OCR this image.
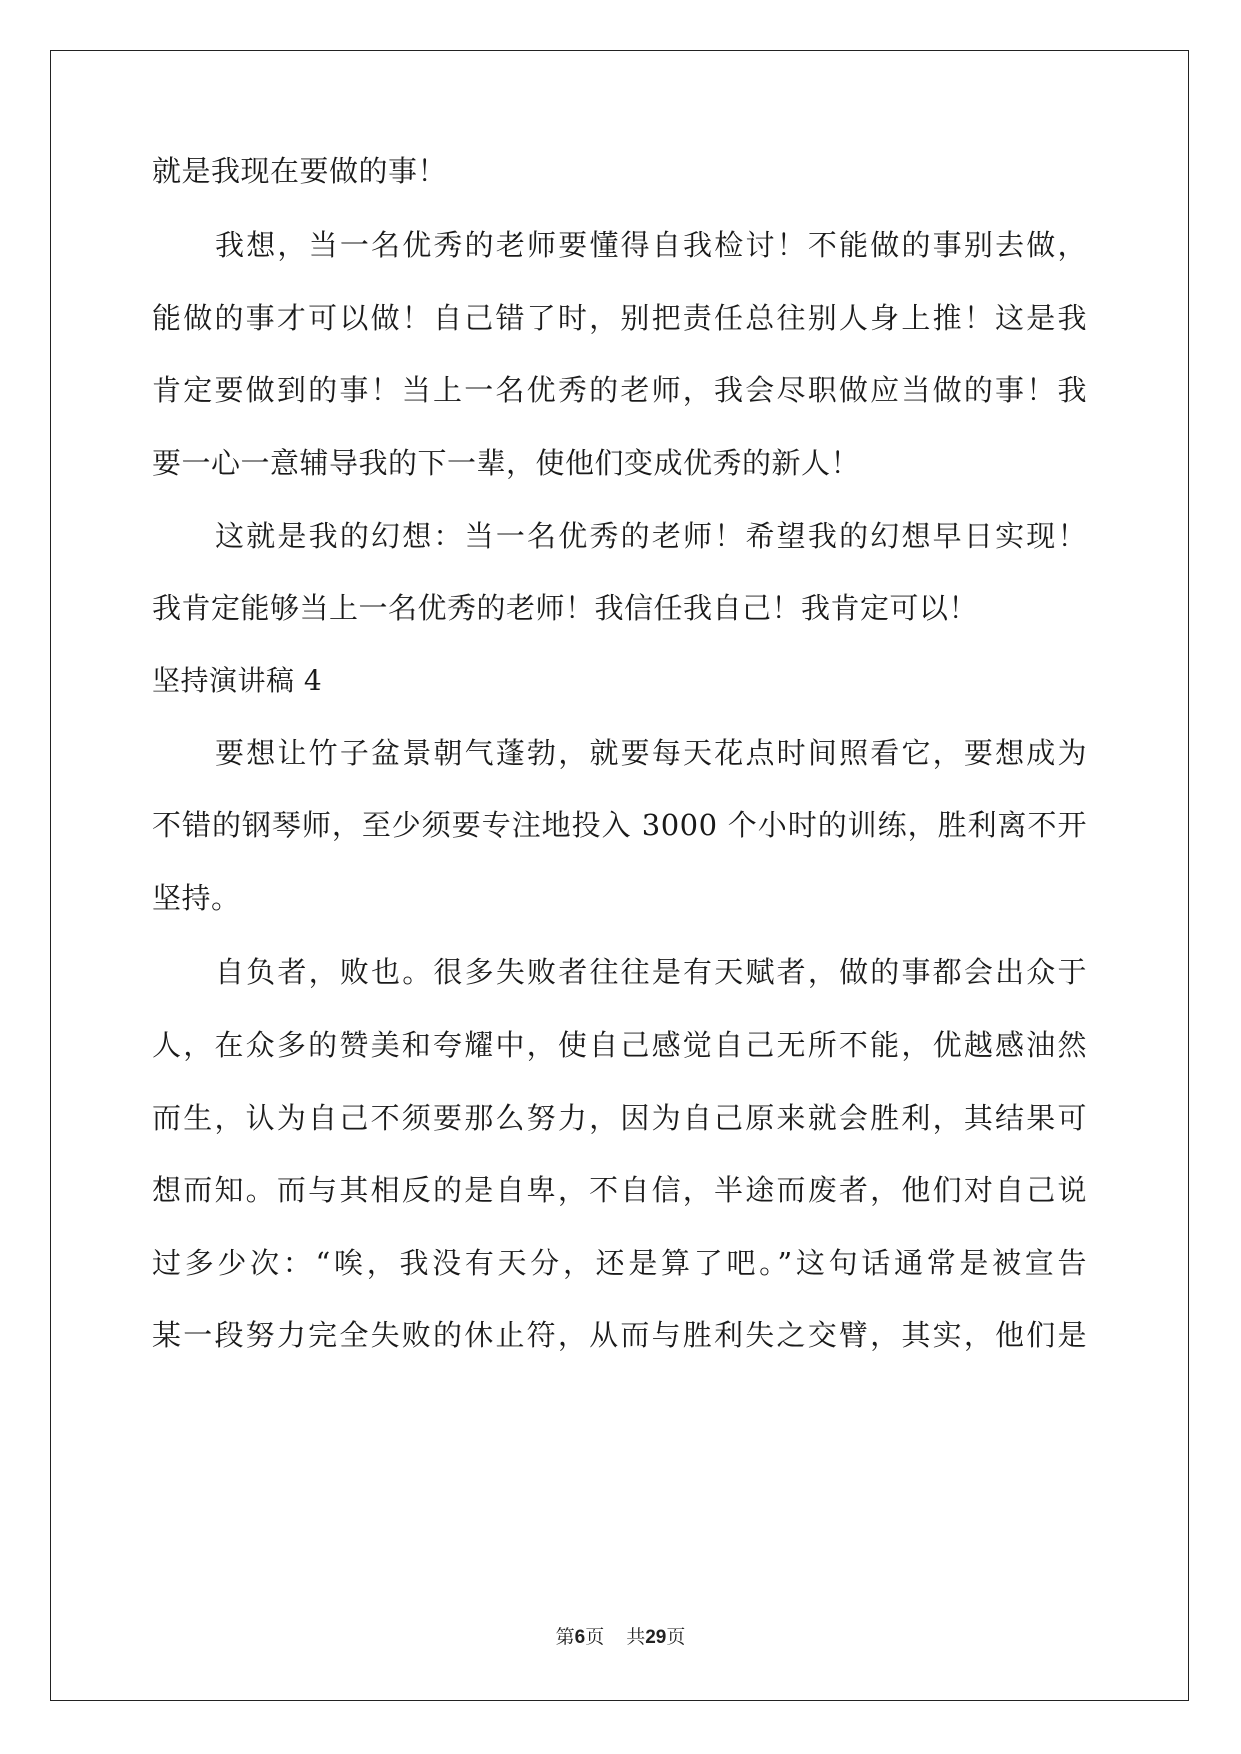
就是我现在要做的事！
我想，当一名优秀的老师要懂得自我检讨！不能做的事别去做，
能做的事才可以做！自己错了时，别把责任总往别人身上推！这是我
肯定要做到的事！当上一名优秀的老师，我会尽职做应当做的事！我
要一心一意辅导我的下一辈，使他们变成优秀的新人！
这就是我的幻想：当一名优秀的老师！希望我的幻想早日实现！
我肯定能够当上一名优秀的老师！我信任我自己！我肯定可以！
坚持演讲稿 4
要想让竹子盆景朝气蓬勃，就要每天花点时间照看它，要想成为
不错的钢琴师，至少须要专注地投入 3000 个小时的训练，胜利离不开
坚持。
自负者，败也。很多失败者往往是有天赋者，做的事都会出众于
人，在众多的赞美和夸耀中，使自己感觉自己无所不能，优越感油然
而生，认为自己不须要那么努力，因为自己原来就会胜利，其结果可
想而知。而与其相反的是自卑，不自信，半途而废者，他们对自己说
过多少次：“唉，我没有天分，还是算了吧。”这句话通常是被宣告
某一段努力完全失败的休止符，从而与胜利失之交臂，其实，他们是
第6页 共29页
